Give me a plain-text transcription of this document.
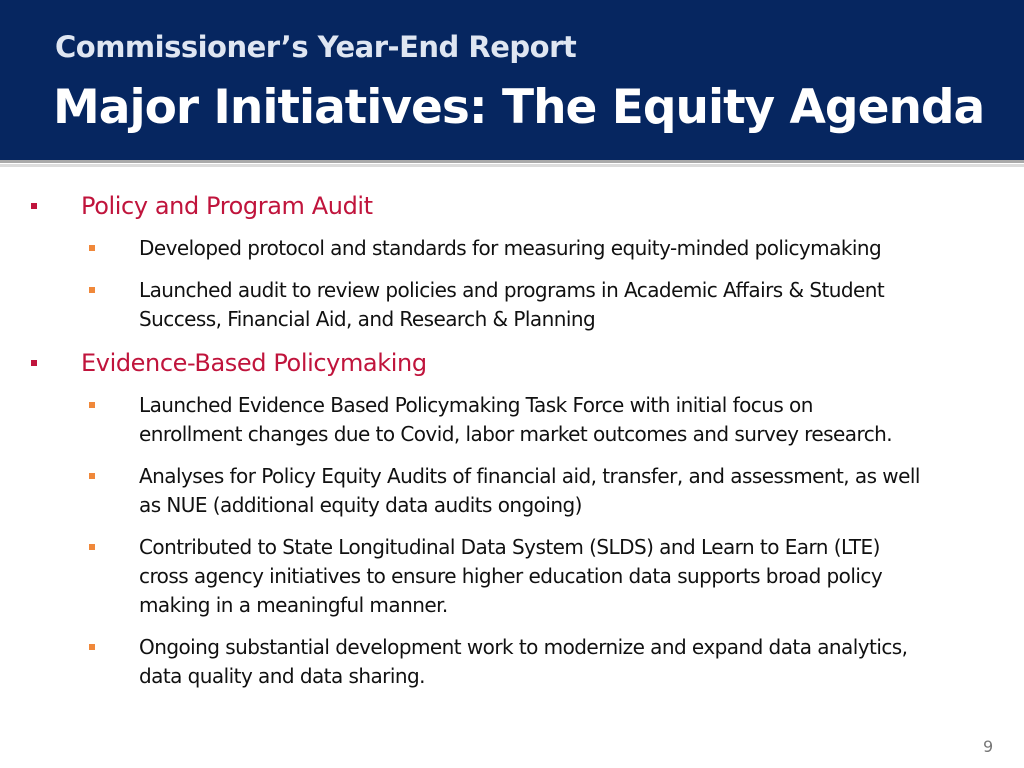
Commissioner’s Year-End Report
Major Initiatives: The Equity Agenda
Policy and Program Audit
Developed protocol and standards for measuring equity-minded policymaking
Launched audit to review policies and programs in Academic Affairs & Student
Success, Financial Aid, and Research & Planning
Evidence-Based Policymaking
Launched Evidence Based Policymaking Task Force with initial focus on
enrollment changes due to Covid, labor market outcomes and survey research.
Analyses for Policy Equity Audits of financial aid, transfer, and assessment, as well
as NUE (additional equity data audits ongoing)
Contributed to State Longitudinal Data System (SLDS) and Learn to Earn (LTE)
cross agency initiatives to ensure higher education data supports broad policy
making in a meaningful manner.
Ongoing substantial development work to modernize and expand data analytics,
data quality and data sharing.
9
